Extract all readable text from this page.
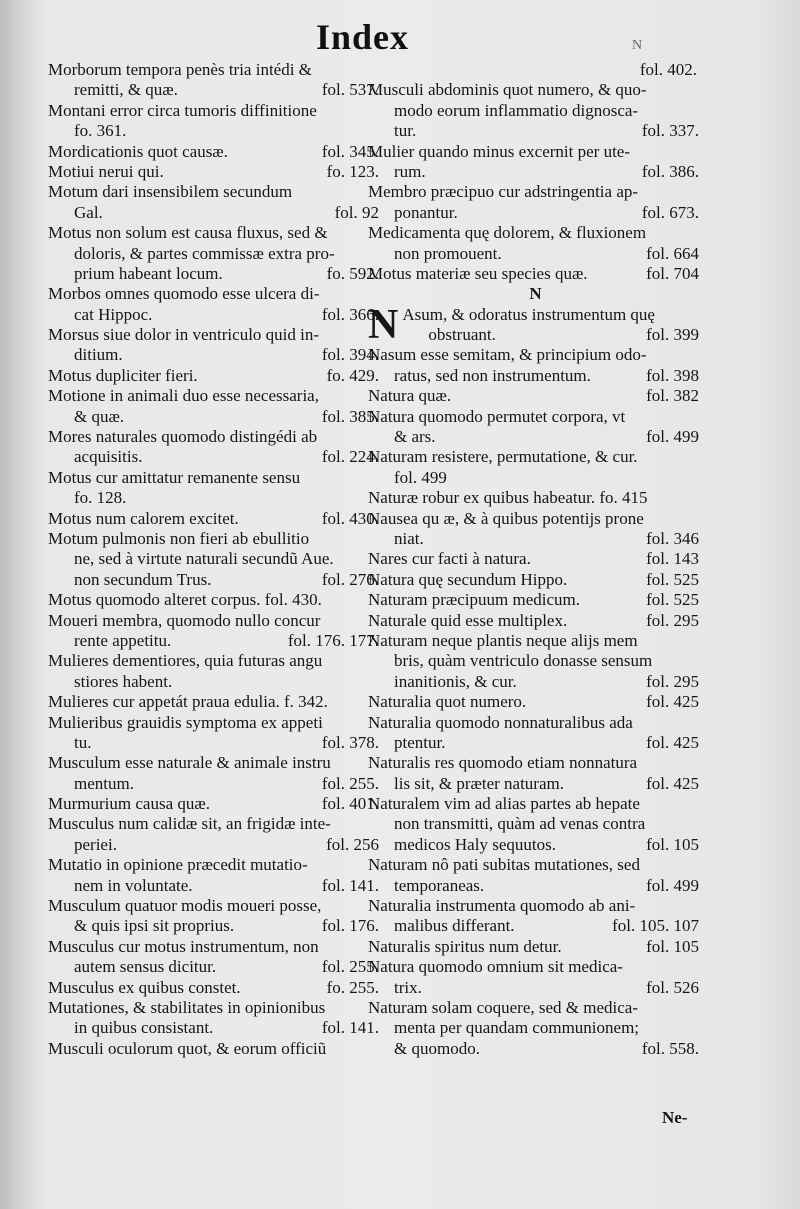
Index	N
Morborum tempora penès tria intédi &
fol. 537.
remitti, & quæ.
Montani error circa tumoris diffinitione
fo. 361.
fol. 345.
Mordicationis quot causæ.
fo. 123.
Motiui nerui qui.
Motum dari insensibilem secundum
fol. 92
Gal.
Motus non solum est causa fluxus, sed &
doloris, & partes commissæ extra pro-
fo. 592.
prium habeant locum.
Morbos omnes quomodo esse ulcera di-
fol. 366.
cat Hippoc.
Morsus siue dolor in ventriculo quid in-
fol. 394.
ditium.
fo. 429.
Motus dupliciter fieri.
Motione in animali duo esse necessaria,
fol. 385.
& quæ.
Mores naturales quomodo distingédi ab
fol. 224.
acquisitis.
Motus cur amittatur remanente sensu
fo. 128.
fol. 430.
Motus num calorem excitet.
Motum pulmonis non fieri ab ebullitio
ne, sed à virtute naturali secundũ Aue.
fol. 276.
non secundum Trus.
Motus quomodo alteret corpus. fol. 430.
Moueri membra, quomodo nullo concur
fol. 176. 177.
rente appetitu.
Mulieres dementiores, quia futuras angu
stiores habent.
Mulieres cur appetát praua edulia. f. 342.
Mulieribus grauidis symptoma ex appeti
fol. 378.
tu.
Musculum esse naturale & animale instru
fol. 255.
mentum.
fol. 401.
Murmurium causa quæ.
Musculus num calidæ sit, an frigidæ inte-
fol. 256
periei.
Mutatio in opinione præcedit mutatio-
fol. 141.
nem in voluntate.
Musculum quatuor modis moueri posse,
fol. 176.
& quis ipsi sit proprius.
Musculus cur motus instrumentum, non
fol. 255.
autem sensus dicitur.
fo. 255.
Musculus ex quibus constet.
Mutationes, & stabilitates in opinionibus
fol. 141.
in quibus consistant.
Musculi oculorum quot, & eorum officiũ
fol. 402.
Musculi abdominis quot numero, & quo-
modo eorum inflammatio dignosca-
fol. 337.
tur.
Mulier quando minus excernit per ute-
fol. 386.
rum.
Membro præcipuo cur adstringentia ap-
fol. 673.
ponantur.
Medicamenta quę dolorem, & fluxionem
fol. 664
non promouent.
fol. 704
Motus materiæ seu species quæ.
N
N Asum, & odoratus instrumentum quę
fol. 399
obstruant.
Nasum esse semitam, & principium odo-
fol. 398
ratus, sed non instrumentum.
fol. 382
Natura quæ.
Natura quomodo permutet corpora, vt
fol. 499
& ars.
Naturam resistere, permutatione, & cur.
fol. 499
Naturæ robur ex quibus habeatur. fo. 415
Nausea qu æ, & à quibus potentijs prone
fol. 346
niat.
fol. 143
Nares cur facti à natura.
fol. 525
Natura quę secundum Hippo.
fol. 525
Naturam præcipuum medicum.
fol. 295
Naturale quid esse multiplex.
Naturam neque plantis neque alijs mem
bris, quàm ventriculo donasse sensum
fol. 295
inanitionis, & cur.
fol. 425
Naturalia quot numero.
Naturalia quomodo nonnaturalibus ada
fol. 425
ptentur.
Naturalis res quomodo etiam nonnatura
fol. 425
lis sit, & præter naturam.
Naturalem vim ad alias partes ab hepate
non transmitti, quàm ad venas contra
fol. 105
medicos Haly sequutos.
Naturam nô pati subitas mutationes, sed
fol. 499
temporaneas.
Naturalia instrumenta quomodo ab ani-
fol. 105. 107
malibus differant.
fol. 105
Naturalis spiritus num detur.
Natura quomodo omnium sit medica-
fol. 526
trix.
Naturam solam coquere, sed & medica-
menta per quandam communionem;
fol. 558.
& quomodo.
Ne-
